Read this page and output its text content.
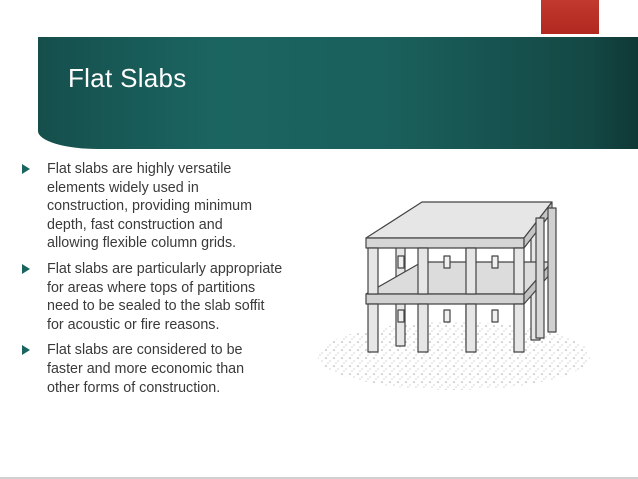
Flat Slabs
Flat slabs are highly versatile
elements widely used in
construction, providing minimum
depth, fast construction and
allowing flexible column grids.
Flat slabs are particularly appropriate
for areas where tops of partitions
need to be sealed to the slab soffit
for acoustic or fire reasons.
Flat slabs are considered to be
faster and more economic than
other forms of construction.
